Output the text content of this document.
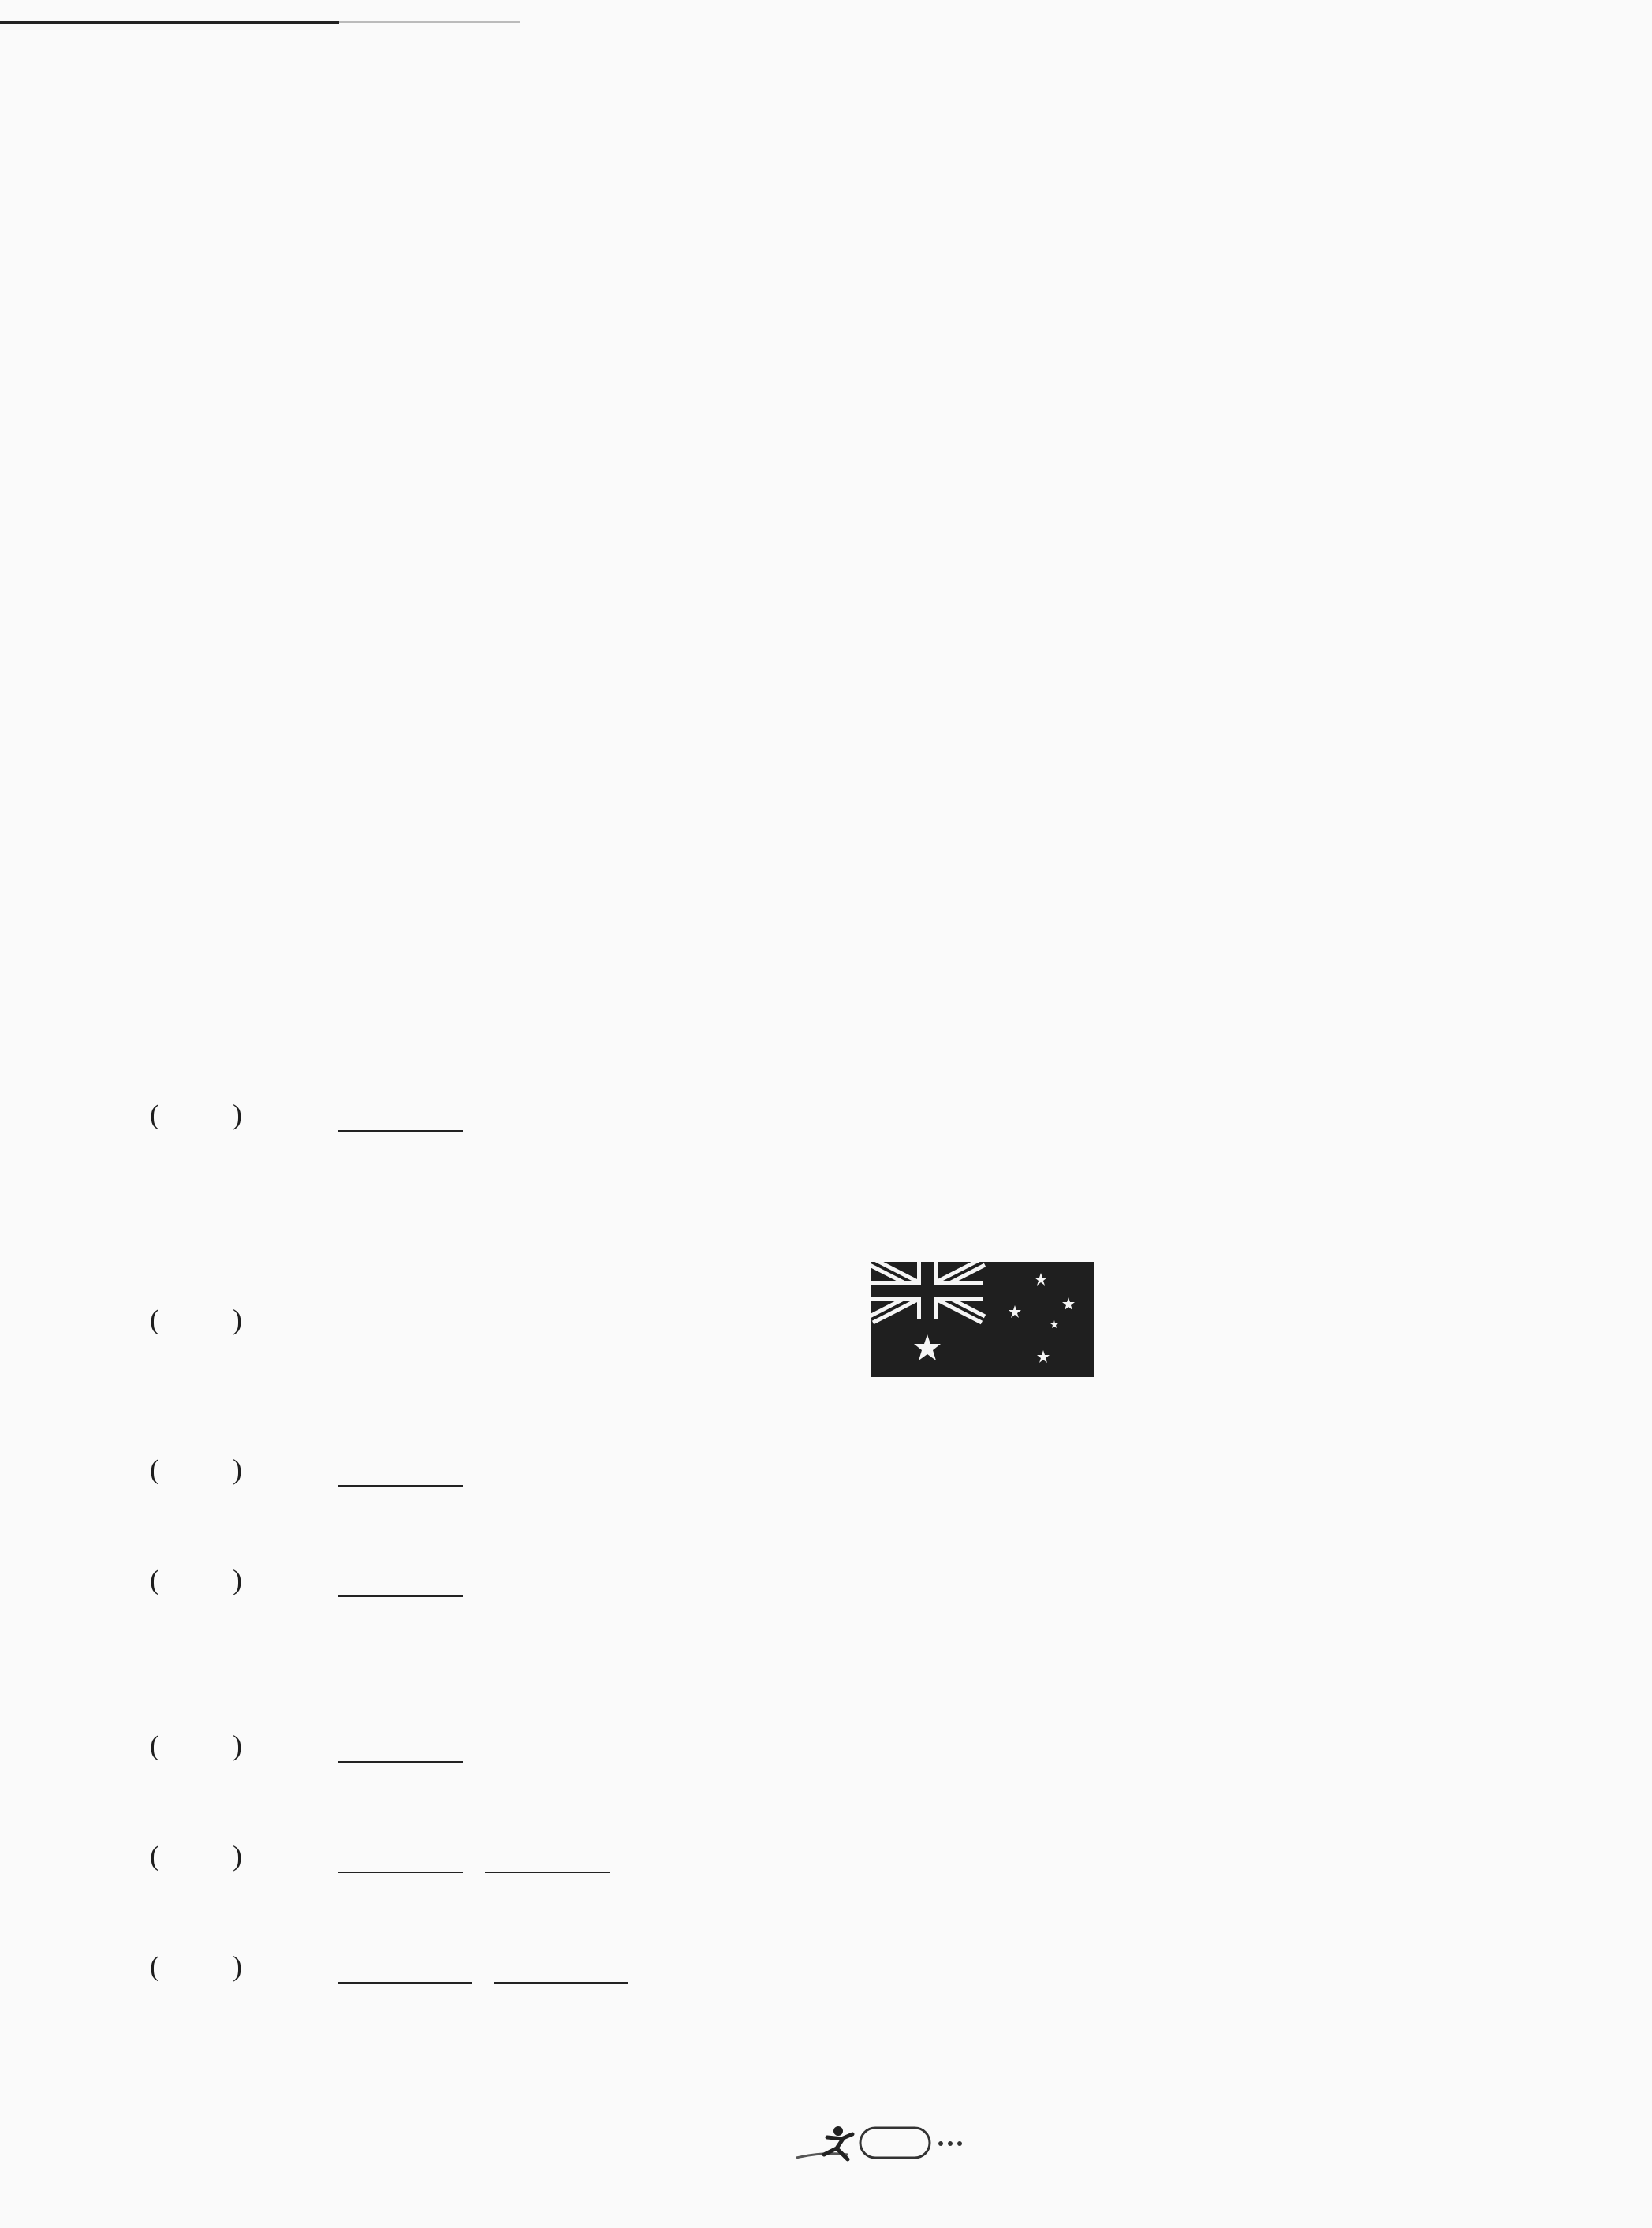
(	)
(	)
(	)
(	)
(	)
(	)
(	)
